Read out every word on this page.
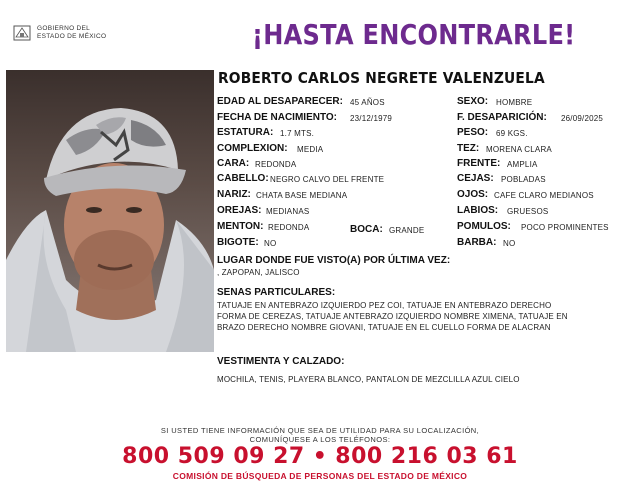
GOBIERNO DEL
ESTADO DE MÉXICO	¡HASTA ENCONTRARLE!
ROBERTO CARLOS NEGRETE VALENZUELA
EDAD AL DESAPARECER: 45 AÑOS
FECHA DE NACIMIENTO: 23/12/1979
ESTATURA: 1.7 MTS.
COMPLEXION: MEDIA
CARA: REDONDA
CABELLO: NEGRO CALVO DEL FRENTE
NARIZ: CHATA BASE MEDIANA
OREJAS: MEDIANAS
MENTON: REDONDA	BOCA: GRANDE
BIGOTE: NO
SEXO: HOMBRE
F. DESAPARICIÓN: 26/09/2025
PESO: 69 KGS.
TEZ: MORENA CLARA
FRENTE: AMPLIA
CEJAS: POBLADAS
OJOS: CAFE CLARO MEDIANOS
LABIOS: GRUESOS
POMULOS: POCO PROMINENTES
BARBA: NO
LUGAR DONDE FUE VISTO(A) POR ÚLTIMA VEZ:
, ZAPOPAN, JALISCO
SENAS PARTICULARES:
TATUAJE EN ANTEBRAZO IZQUIERDO PEZ COI, TATUAJE EN ANTEBRAZO DERECHO
FORMA DE CEREZAS, TATUAJE ANTEBRAZO IZQUIERDO NOMBRE XIMENA, TATUAJE EN
BRAZO DERECHO NOMBRE GIOVANI, TATUAJE EN EL CUELLO FORMA DE ALACRAN
VESTIMENTA Y CALZADO:
MOCHILA, TENIS, PLAYERA BLANCO, PANTALON DE MEZCLILLA AZUL CIELO
SI USTED TIENE INFORMACIÓN QUE SEA DE UTILIDAD PARA SU LOCALIZACIÓN,
COMUNÍQUESE A LOS TELÉFONOS:
800 509 09 27 • 800 216 03 61
COMISIÓN DE BÚSQUEDA DE PERSONAS DEL ESTADO DE MÉXICO
